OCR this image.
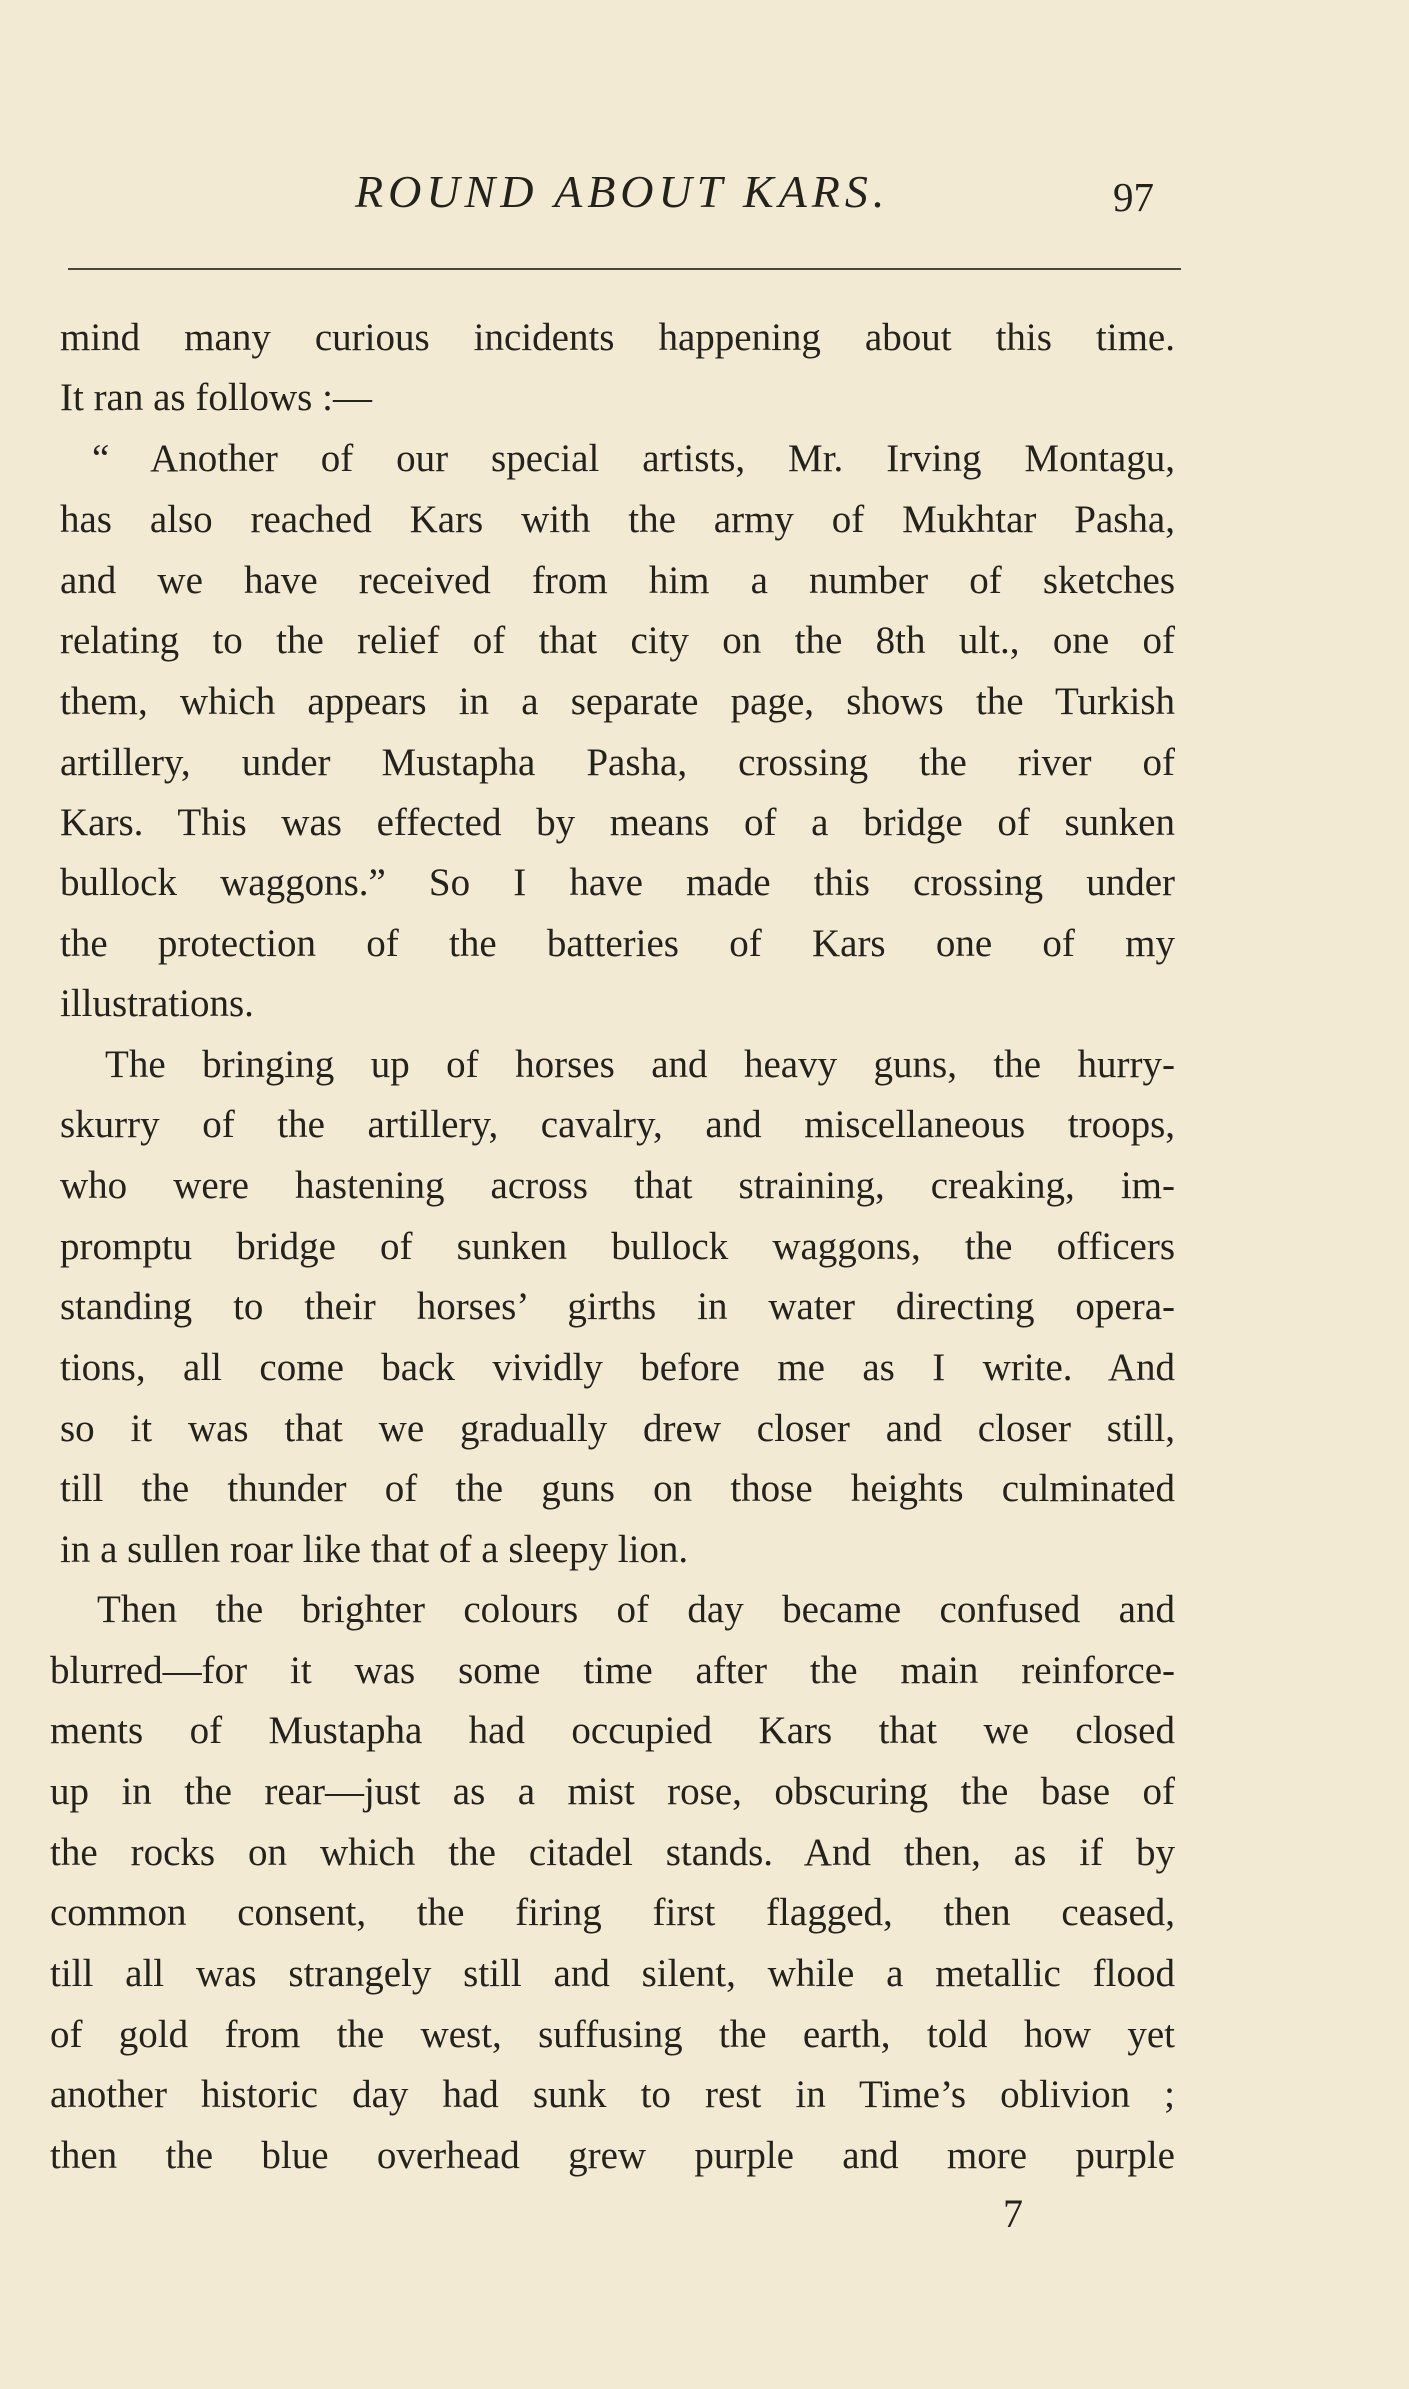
ROUND ABOUT KARS.	97
mind many curious incidents happening about this time.
It ran as follows :—
“ Another of our special artists, Mr. Irving Montagu,
has also reached Kars with the army of Mukhtar Pasha,
and we have received from him a number of sketches
relating to the relief of that city on the 8th ult., one of
them, which appears in a separate page, shows the Turkish
artillery, under Mustapha Pasha, crossing the river of
Kars. This was effected by means of a bridge of sunken
bullock waggons.” So I have made this crossing under
the protection of the batteries of Kars one of my
illustrations.
The bringing up of horses and heavy guns, the hurry-
skurry of the artillery, cavalry, and miscellaneous troops,
who were hastening across that straining, creaking, im-
promptu bridge of sunken bullock waggons, the officers
standing to their horses’ girths in water directing opera-
tions, all come back vividly before me as I write. And
so it was that we gradually drew closer and closer still,
till the thunder of the guns on those heights culminated
in a sullen roar like that of a sleepy lion.
Then the brighter colours of day became confused and
blurred—for it was some time after the main reinforce-
ments of Mustapha had occupied Kars that we closed
up in the rear—just as a mist rose, obscuring the base of
the rocks on which the citadel stands. And then, as if by
common consent, the firing first flagged, then ceased,
till all was strangely still and silent, while a metallic flood
of gold from the west, suffusing the earth, told how yet
another historic day had sunk to rest in Time’s oblivion ;
then the blue overhead grew purple and more purple
7
